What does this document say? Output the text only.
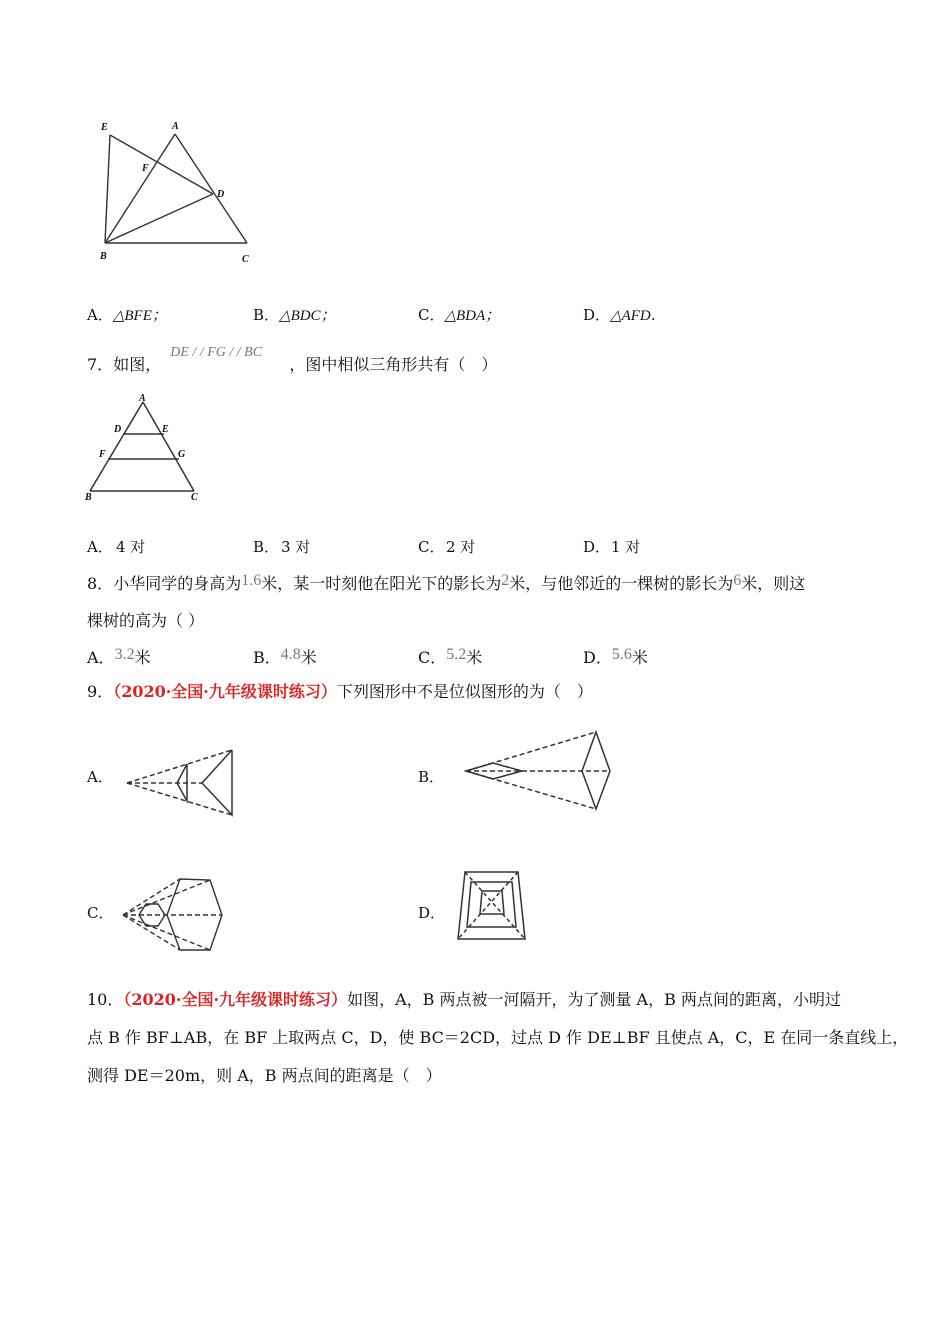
E	A
F
D
B	C
A．△BFE；	B．△BDC；	C．△BDA；	D．△AFD．
7．如图， DE / / FG / / BC ，图中相似三角形共有（　）
A
D	E
F	G
B	C
A． 4 对	B． 3 对	C． 2 对	D． 1 对
8．小华同学的身高为1.6米，某一时刻他在阳光下的影长为2米，与他邻近的一棵树的影长为6米，则这
棵树的高为（ ）
A．3.2米	B．4.8米	C．5.2米	D．5.6米
9．（2020·全国·九年级课时练习）下列图形中不是位似图形的为（　）
A．	B．
C．	D．
10．（2020·全国·九年级课时练习）如图，A，B 两点被一河隔开，为了测量 A，B 两点间的距离，小明过
点 B 作 BF⊥AB，在 BF 上取两点 C，D，使 BC＝2CD，过点 D 作 DE⊥BF 且使点 A，C，E 在同一条直线上，
测得 DE＝20m，则 A，B 两点间的距离是（　）
